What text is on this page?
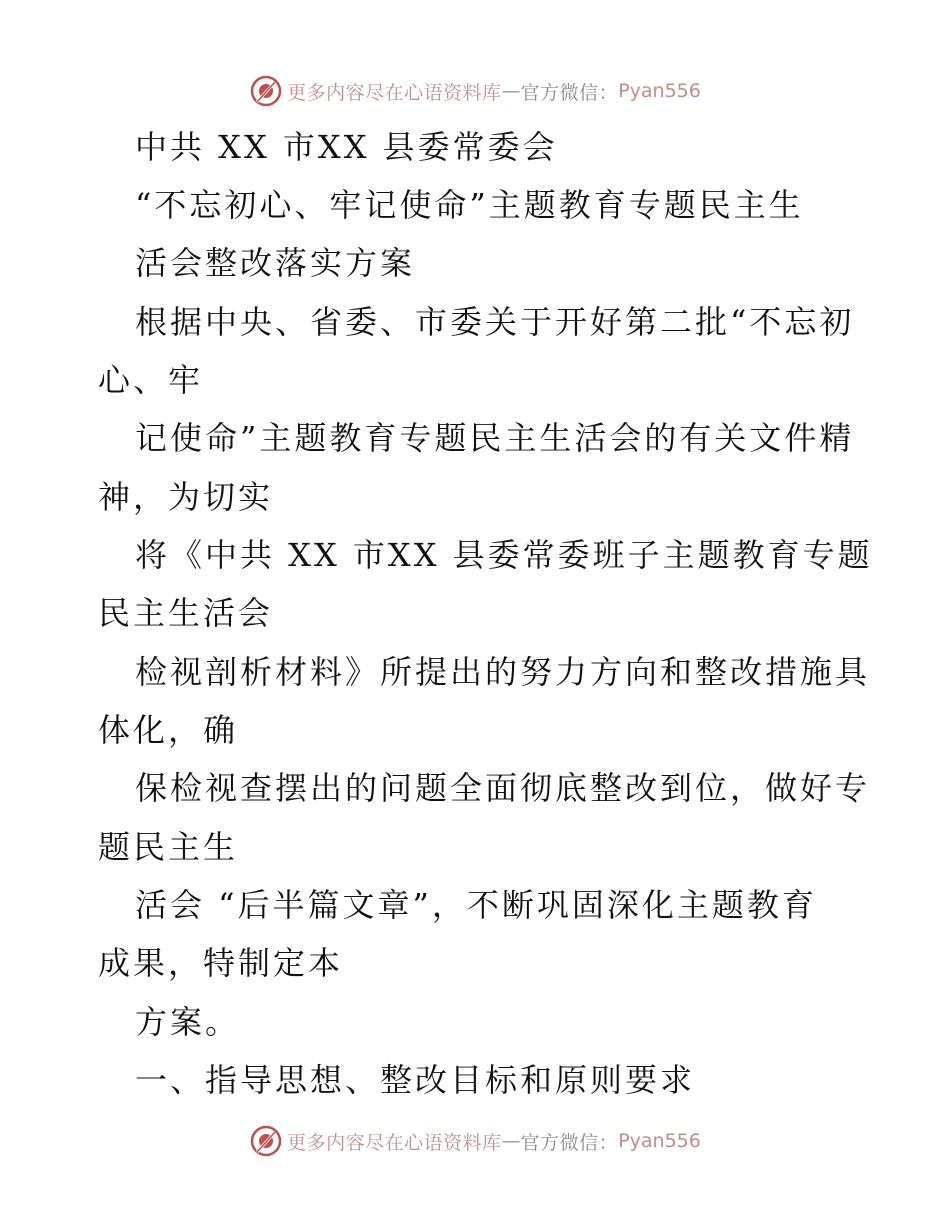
更多内容尽在心语资料库 — 官方微信： Pyan556
中共 XX 市XX 县委常委会
“不忘初心、牢记使命”主题教育专题民主生
活会整改落实方案
根据中央、省委、市委关于开好第二批“不忘初
心、牢
记使命”主题教育专题民主生活会的有关文件精
神，为切实
将《中共 XX 市XX 县委常委班子主题教育专题
民主生活会
检视剖析材料》所提出的努力方向和整改措施具
体化，确
保检视查摆出的问题全面彻底整改到位，做好专
题民主生
活会 “后半篇文章”，不断巩固深化主题教育
成果，特制定本
方案。
一、指导思想、整改目标和原则要求
更多内容尽在心语资料库 — 官方微信： Pyan556
